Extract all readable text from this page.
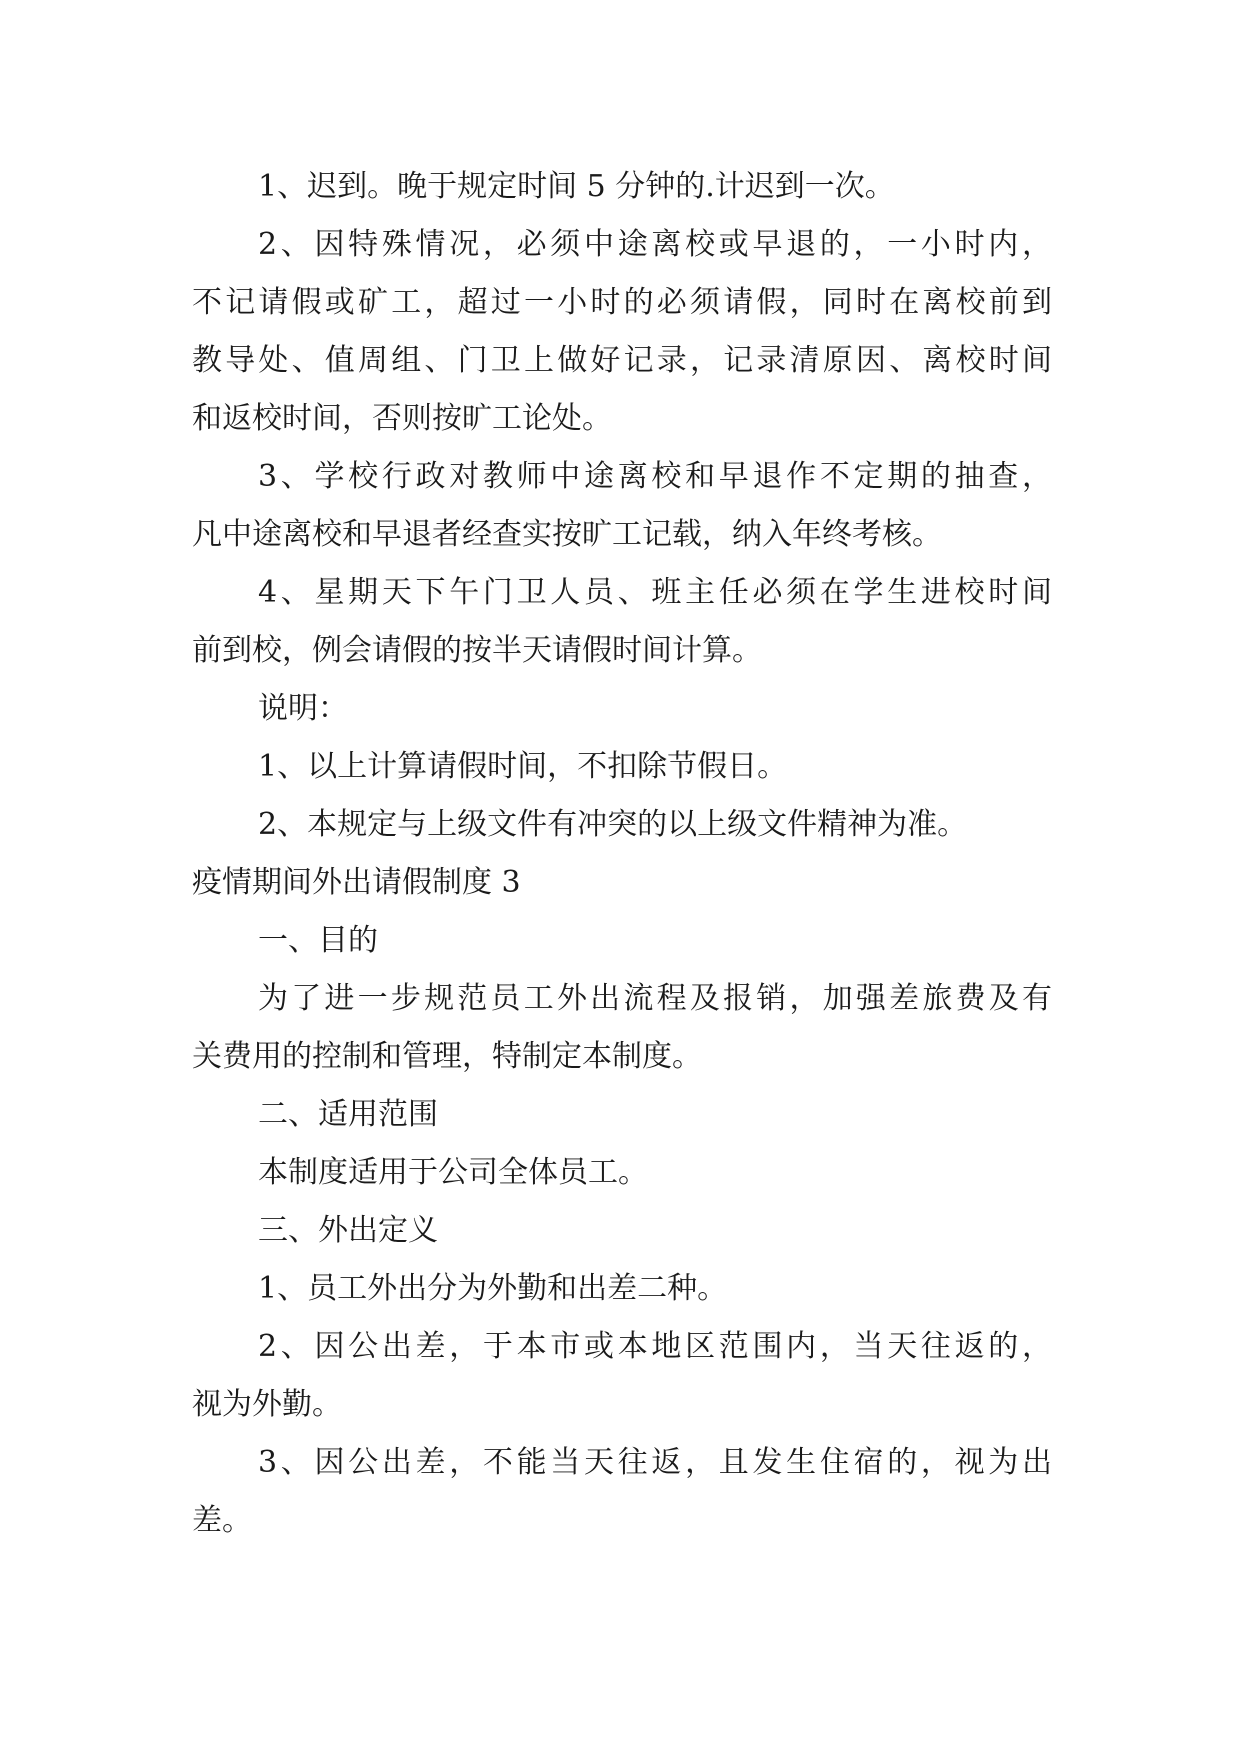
1、迟到。晚于规定时间 5 分钟的.计迟到一次。
2、因特殊情况，必须中途离校或早退的，一小时内，
不记请假或矿工，超过一小时的必须请假，同时在离校前到
教导处、值周组、门卫上做好记录，记录清原因、离校时间
和返校时间，否则按旷工论处。
3、学校行政对教师中途离校和早退作不定期的抽查，
凡中途离校和早退者经查实按旷工记载，纳入年终考核。
4、星期天下午门卫人员、班主任必须在学生进校时间
前到校，例会请假的按半天请假时间计算。
说明：
1、以上计算请假时间，不扣除节假日。
2、本规定与上级文件有冲突的以上级文件精神为准。
疫情期间外出请假制度 3
一、目的
为了进一步规范员工外出流程及报销，加强差旅费及有
关费用的控制和管理，特制定本制度。
二、适用范围
本制度适用于公司全体员工。
三、外出定义
1、员工外出分为外勤和出差二种。
2、因公出差，于本市或本地区范围内，当天往返的，
视为外勤。
3、因公出差，不能当天往返，且发生住宿的，视为出
差。
